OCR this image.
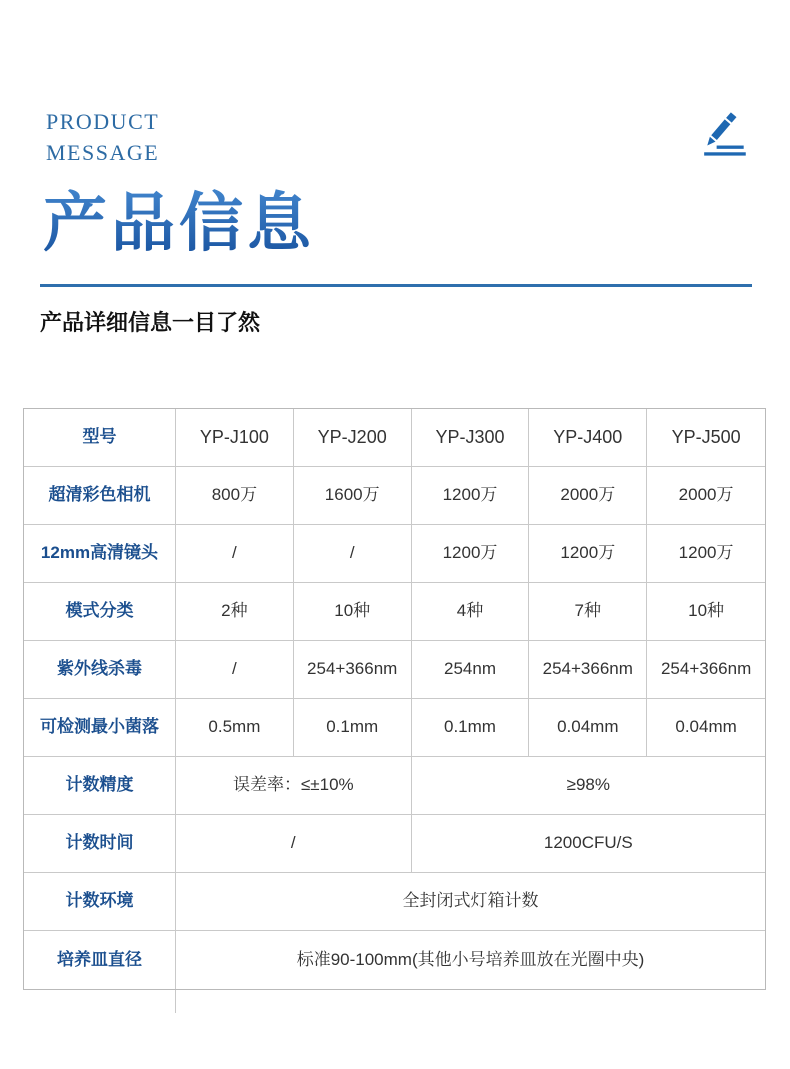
PRODUCT
MESSAGE
产品信息
产品详细信息一目了然
型号	YP-J100	YP-J200	YP-J300	YP-J400	YP-J500
超清彩色相机	800万	1600万	1200万	2000万	2000万
12mm高清镜头	/	/	1200万	1200万	1200万
模式分类	2种	10种	4种	7种	10种
紫外线杀毒	/	254+366nm	254nm	254+366nm	254+366nm
可检测最小菌落	0.5mm	0.1mm	0.1mm	0.04mm	0.04mm
计数精度	误差率：≤±10%	≥98%
计数时间	/	1200CFU/S
计数环境	全封闭式灯箱计数
培养皿直径	标准90-100mm(其他小号培养皿放在光圈中央)
